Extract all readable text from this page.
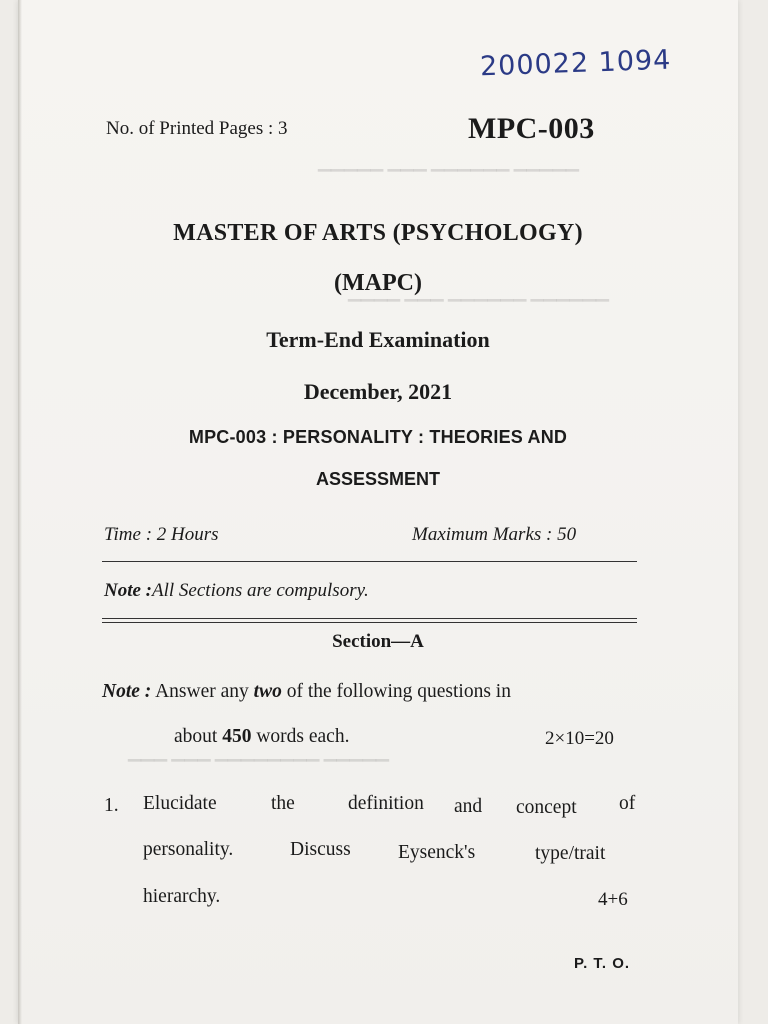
▔▔▔▔▔ ▔▔▔▔▔▔ ▔▔▔ ▔▔▔▔▔
▔▔▔▔▔▔ ▔▔▔▔▔▔ ▔▔▔ ▔▔▔▔
▔▔▔▔▔ ▔▔▔▔▔▔▔▔ ▔▔▔ ▔▔▔
200022 1094
No. of Printed Pages : 3	MPC-003
MASTER OF ARTS (PSYCHOLOGY)
(MAPC)
Term-End Examination
December, 2021
MPC-003 : PERSONALITY : THEORIES AND
ASSESSMENT
Time : 2 Hours	Maximum Marks : 50
Note :All Sections are compulsory.
Section—A
Note : Answer any two of the following questions in
about 450 words each.	2×10=20
1. Elucidate	the	definition and concept of
personality.	Discuss Eysenck's	type/trait
hierarchy.	4+6
P. T. O.
